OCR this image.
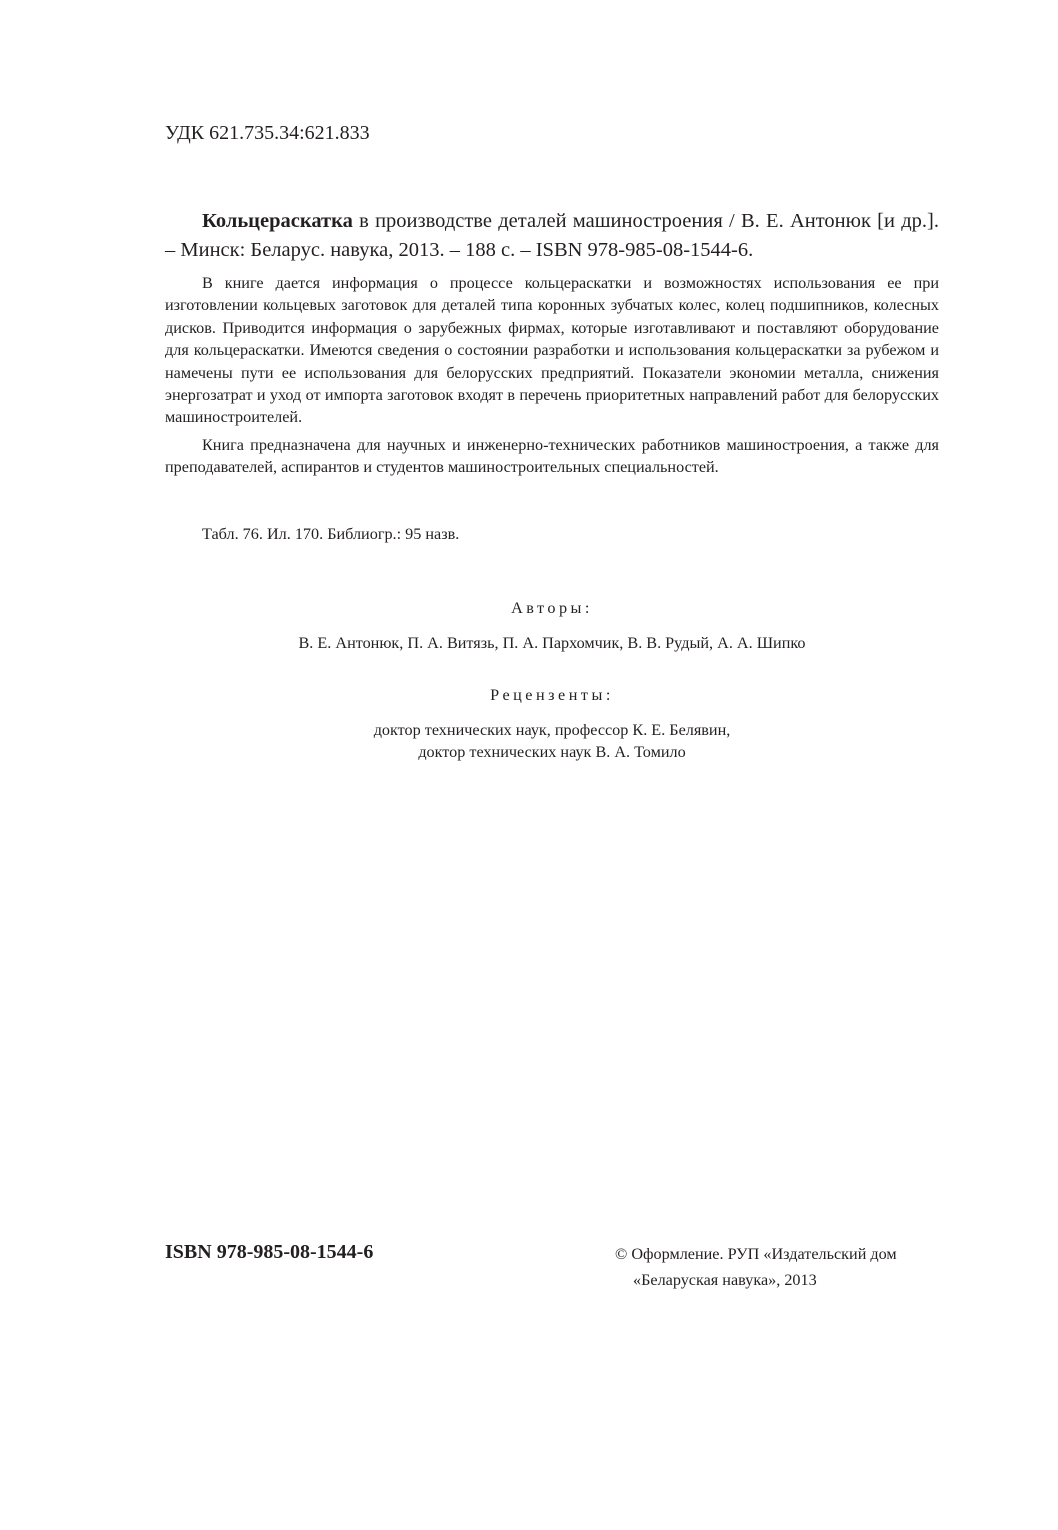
УДК 621.735.34:621.833
Кольцераскатка в производстве деталей машиностроения / В. Е. Антонюк [и др.]. – Минск: Беларус. навука, 2013. – 188 с. – ISBN 978-985-08-1544-6.

В книге дается информация о процессе кольцераскатки и возможностях использования ее при изготовлении кольцевых заготовок для деталей типа коронных зубчатых колес, колец подшипников, колесных дисков. Приводится информация о зарубежных фирмах, которые изготавливают и поставляют оборудование для кольцераскатки. Имеются сведения о состоянии разработки и использования кольцераскатки за рубежом и намечены пути ее использования для белорусских предприятий. Показатели экономии металла, снижения энергозатрат и уход от импорта заготовок входят в перечень приоритетных направлений работ для белорусских машиностроителей.

Книга предназначена для научных и инженерно-технических работников машиностроения, а также для преподавателей, аспирантов и студентов машиностроительных специальностей.

Табл. 76. Ил. 170. Библиогр.: 95 назв.
Авторы:
В. Е. Антонюк, П. А. Витязь, П. А. Пархомчик, В. В. Рудый, А. А. Шипко
Рецензенты:
доктор технических наук, профессор К. Е. Белявин,
доктор технических наук В. А. Томило
ISBN 978-985-08-1544-6	© Оформление. РУП «Издательский дом
«Беларуская навука», 2013
